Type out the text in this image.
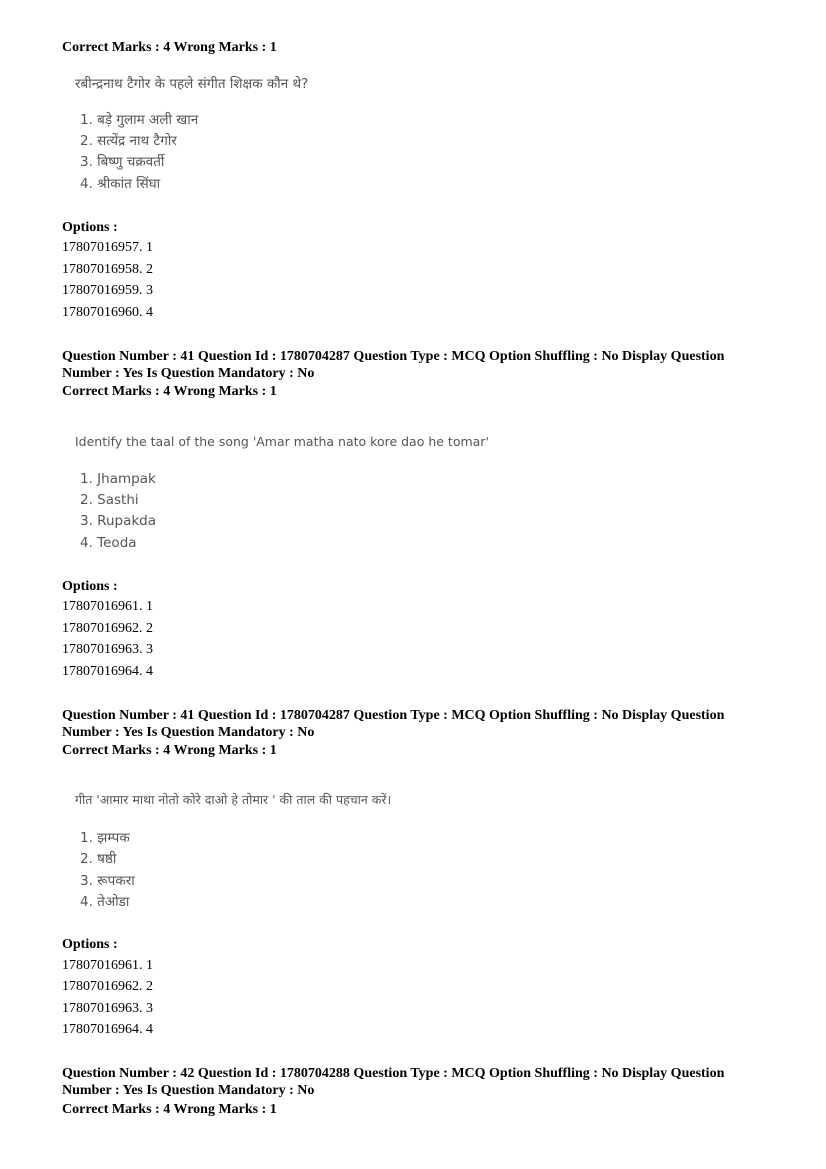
Correct Marks : 4 Wrong Marks : 1
रबीन्द्रनाथ टैगोर के पहले संगीत शिक्षक कौन थे?
1. बड़े गुलाम अली खान
2. सत्येंद्र नाथ टैगोर
3. बिष्णु चक्रवर्ती
4. श्रीकांत सिंघा
Options :
17807016957. 1
17807016958. 2
17807016959. 3
17807016960. 4
Question Number : 41 Question Id : 1780704287 Question Type : MCQ Option Shuffling : No Display Question
Number : Yes Is Question Mandatory : No
Correct Marks : 4 Wrong Marks : 1
Identify the taal of the song 'Amar matha nato kore dao he tomar'
1. Jhampak
2. Sasthi
3. Rupakda
4. Teoda
Options :
17807016961. 1
17807016962. 2
17807016963. 3
17807016964. 4
Question Number : 41 Question Id : 1780704287 Question Type : MCQ Option Shuffling : No Display Question
Number : Yes Is Question Mandatory : No
Correct Marks : 4 Wrong Marks : 1
गीत 'आमार माथा नोतो कोरे दाओ हे तोमार ' की ताल की पहचान करें।
1. झम्पक
2. षष्ठी
3. रूपकरा
4. तेओडा
Options :
17807016961. 1
17807016962. 2
17807016963. 3
17807016964. 4
Question Number : 42 Question Id : 1780704288 Question Type : MCQ Option Shuffling : No Display Question
Number : Yes Is Question Mandatory : No
Correct Marks : 4 Wrong Marks : 1
